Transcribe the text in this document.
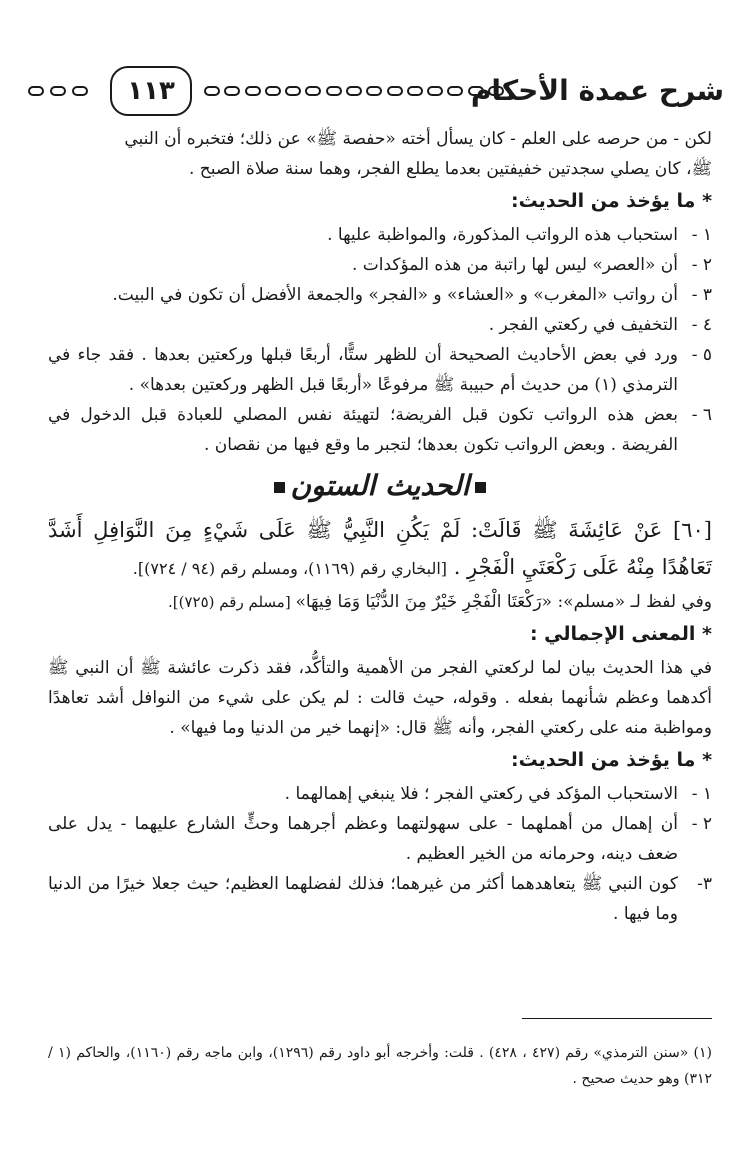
شرح عمدة الأحكام
١١٣

لكن - من حرصه على العلم - كان يسأل أخته «حفصة ﷺ» عن ذلك؛ فتخبره أن النبي

ﷺ، كان يصلي سجدتين خفيفتين بعدما يطلع الفجر، وهما سنة صلاة الصبح .

* ما يؤخذ من الحديث:

١ -
استحباب هذه الرواتب المذكورة، والمواظبة عليها .
٢ -
أن «العصر» ليس لها راتبة من هذه المؤكدات .
٣ -
أن رواتب «المغرب» و «العشاء» و «الفجر» والجمعة الأفضل أن تكون في البيت.
٤ -
التخفيف في ركعتي الفجر .
٥ -
ورد في بعض الأحاديث الصحيحة أن للظهر ستًّا، أربعًا قبلها وركعتين بعدها . فقد جاء في الترمذي (١) من حديث أم حبيبة ﷺ مرفوعًا «أربعًا قبل الظهر وركعتين بعدها» .
٦ -
بعض هذه الرواتب تكون قبل الفريضة؛ لتهيئة نفس المصلي للعبادة قبل الدخول في الفريضة . وبعض الرواتب تكون بعدها؛ لتجبر ما وقع فيها من نقصان .

الحديث الستون

[٦٠] عَنْ عَائِشَةَ ﷺ قَالَتْ: لَمْ يَكُنِ النَّبِيُّ ﷺ عَلَى شَيْءٍ مِنَ النَّوَافِلِ أَشَدَّ تَعَاهُدًا مِنْهُ عَلَى رَكْعَتَيِ الْفَجْرِ . [البخاري رقم (١١٦٩)، ومسلم رقم (٩٤ / ٧٢٤)].

وفي لفظ لـ «مسلم»: «رَكْعَتَا الْفَجْرِ خَيْرٌ مِنَ الدُّنْيَا وَمَا فِيهَا» [مسلم رقم (٧٢٥)].

* المعنى الإجمالي :

في هذا الحديث بيان لما لركعتي الفجر من الأهمية والتأكُّد، فقد ذكرت عائشة ﷺ أن النبي ﷺ أكدهما وعظم شأنهما بفعله . وقوله، حيث قالت : لم يكن على شيء من النوافل أشد تعاهدًا ومواظبة منه على ركعتي الفجر، وأنه ﷺ قال: «إنهما خير من الدنيا وما فيها» .

* ما يؤخذ من الحديث:

١ -
الاستحباب المؤكد في ركعتي الفجر ؛ فلا ينبغي إهمالهما .
٢ -
أن إهمال من أهملهما - على سهولتهما وعظم أجرهما وحثٍّ الشارع عليهما - يدل على ضعف دينه، وحرمانه من الخير العظيم .
٣-
كون النبي ﷺ يتعاهدهما أكثر من غيرهما؛ فذلك لفضلهما العظيم؛ حيث جعلا خيرًا من الدنيا وما فيها .

(١) «سنن الترمذي» رقم (٤٢٧ ، ٤٢٨) . قلت: وأخرجه أبو داود رقم (١٢٩٦)، وابن ماجه رقم (١١٦٠)، والحاكم (١ / ٣١٢) وهو حديث صحيح .
